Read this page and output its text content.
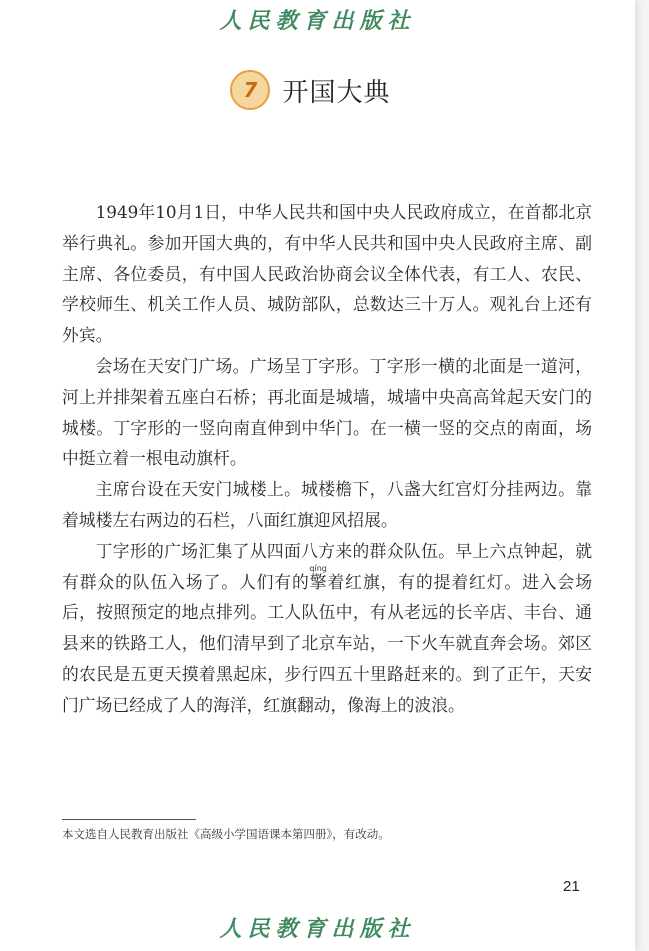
人民教育出版社
7 开国大典

1949年10月1日，中华人民共和国中央人民政府成立，在首都北京举行典礼。参加开国大典的，有中华人民共和国中央人民政府主席、副主席、各位委员，有中国人民政治协商会议全体代表，有工人、农民、学校师生、机关工作人员、城防部队，总数达三十万人。观礼台上还有外宾。

会场在天安门广场。广场呈丁字形。丁字形一横的北面是一道河，河上并排架着五座白石桥；再北面是城墙，城墙中央高高耸起天安门的城楼。丁字形的一竖向南直伸到中华门。在一横一竖的交点的南面，场中挺立着一根电动旗杆。

主席台设在天安门城楼上。城楼檐下，八盏大红宫灯分挂两边。靠着城楼左右两边的石栏，八面红旗迎风招展。

丁字形的广场汇集了从四面八方来的群众队伍。早上六点钟起，就有群众的队伍入场了。人们有的擎qíng着红旗，有的提着红灯。进入会场后，按照预定的地点排列。工人队伍中，有从老远的长辛店、丰台、通县来的铁路工人，他们清早到了北京车站，一下火车就直奔会场。郊区的农民是五更天摸着黑起床，步行四五十里路赶来的。到了正午，天安门广场已经成了人的海洋，红旗翻动，像海上的波浪。

本文选自人民教育出版社《高级小学国语课本第四册》，有改动。
21
人民教育出版社
